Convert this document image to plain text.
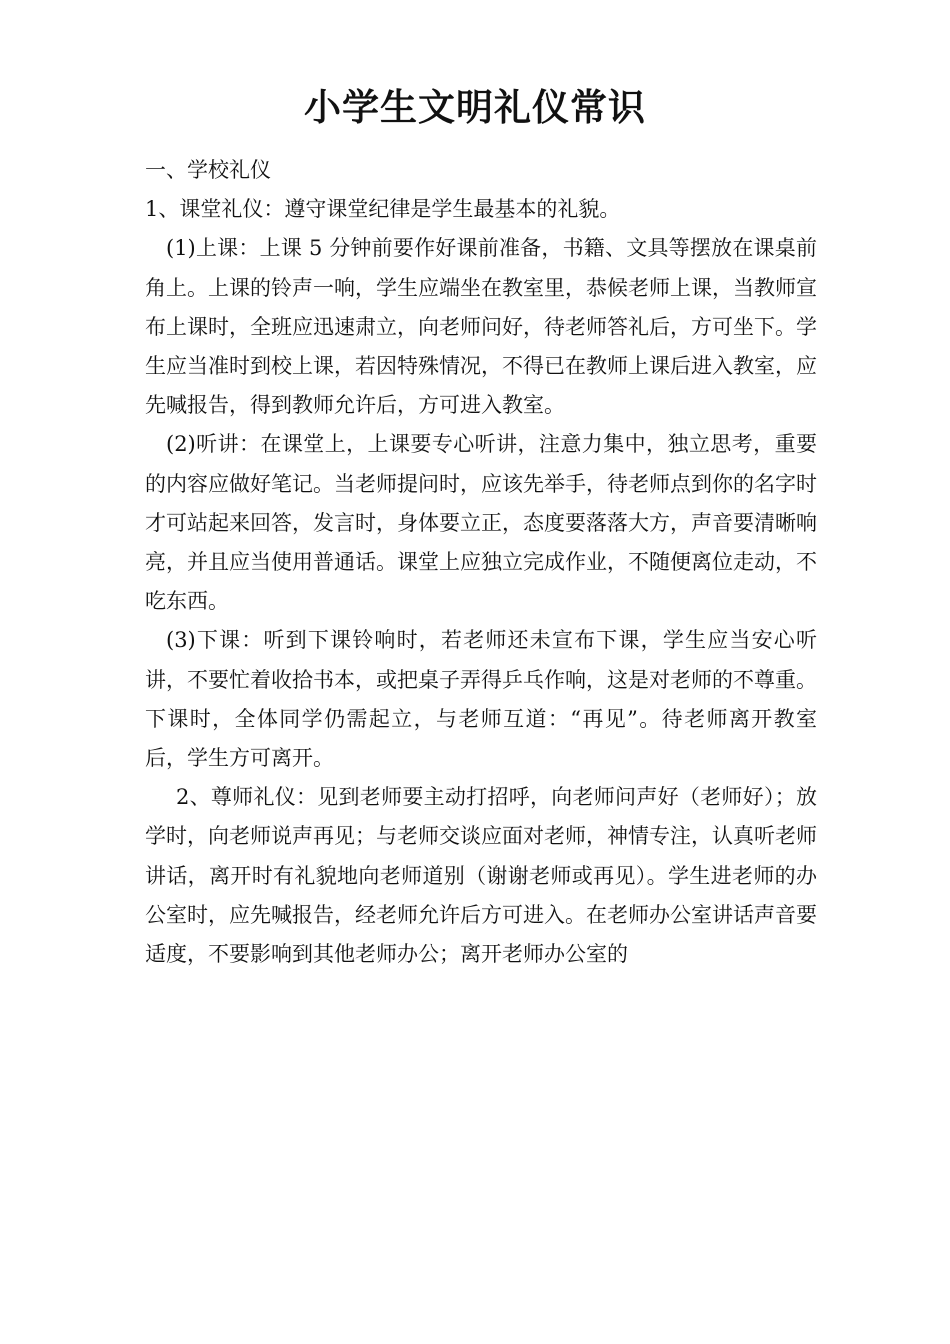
小学生文明礼仪常识

一、学校礼仪

1、课堂礼仪：遵守课堂纪律是学生最基本的礼貌。

(1)上课：上课 5 分钟前要作好课前准备，书籍、文具等摆放在课桌前角上。上课的铃声一响，学生应端坐在教室里，恭候老师上课，当教师宣布上课时，全班应迅速肃立，向老师问好，待老师答礼后，方可坐下。学生应当准时到校上课，若因特殊情况，不得已在教师上课后进入教室，应先喊报告，得到教师允许后，方可进入教室。

(2)听讲：在课堂上，上课要专心听讲，注意力集中，独立思考，重要的内容应做好笔记。当老师提问时，应该先举手，待老师点到你的名字时才可站起来回答，发言时，身体要立正，态度要落落大方，声音要清晰响亮，并且应当使用普通话。课堂上应独立完成作业，不随便离位走动，不吃东西。

(3)下课：听到下课铃响时，若老师还未宣布下课，学生应当安心听讲，不要忙着收拾书本，或把桌子弄得乒乓作响，这是对老师的不尊重。下课时，全体同学仍需起立，与老师互道：“再见”。待老师离开教室后，学生方可离开。

2、尊师礼仪：见到老师要主动打招呼，向老师问声好（老师好）；放学时，向老师说声再见；与老师交谈应面对老师，神情专注，认真听老师讲话，离开时有礼貌地向老师道别（谢谢老师或再见）。学生进老师的办公室时，应先喊报告，经老师允许后方可进入。在老师办公室讲话声音要适度，不要影响到其他老师办公；离开老师办公室的
